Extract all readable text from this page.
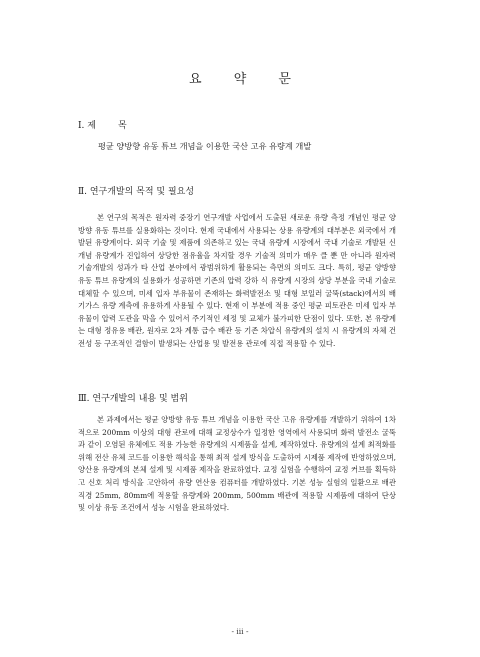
요 약 문
Ⅰ. 제 목
평균 양방향 유동 튜브 개념을 이용한 국산 고유 유량계 개발
Ⅱ. 연구개발의 목적 및 필요성

본 연구의 목적은 원자력 중장기 연구개발 사업에서 도출된 새로운 유량 측정 개념인 평균 양방향 유동 튜브를 실용화하는 것이다. 현재 국내에서 사용되는 상용 유량계의 대부분은 외국에서 개발된 유량계이다. 외국 기술 및 제품에 의존하고 있는 국내 유량계 시장에서 국내 기술로 개발된 신개념 유량계가 진입하여 상당한 점유율을 차지할 경우 기술적 의미가 매우 클 뿐 만 아니라 원자력 기술개발의 성과가 타 산업 분야에서 광범위하게 활용되는 측면의 의미도 크다. 특히, 평균 양방향 유동 튜브 유량계의 실용화가 성공하면 기존의 압력 강하 식 유량계 시장의 상당 부분을 국내 기술로 대체할 수 있으며, 미세 입자 부유물이 존재하는 화력발전소 및 대형 보일러 굴뚝(stack)에서의 배기가스 유량 계측에 유용하게 사용될 수 있다. 현재 이 부분에 적용 중인 평균 피토관은 미세 입자 부유물이 압력 도관을 막을 수 있어서 주기적인 세정 및 교체가 불가피한 단점이 있다. 또한, 본 유량계는 대형 정유용 배관, 원자로 2차 계통 급수 배관 등 기존 차압식 유량계의 설치 시 유량계의 자체 건전성 등 구조적인 결함이 발생되는 산업용 및 발전용 관로에 직접 적용할 수 있다.

Ⅲ. 연구개발의 내용 및 범위

본 과제에서는 평균 양방향 유동 튜브 개념을 이용한 국산 고유 유량계를 개발하기 위하여 1차적으로 200mm 이상의 대형 관로에 대해 교정상수가 일정한 영역에서 사용되며 화력 발전소 굴뚝과 같이 오염된 유체에도 적용 가능한 유량계의 시제품을 설계, 제작하였다. 유량계의 설계 최적화를 위해 전산 유체 코드를 이용한 해석을 통해 최적 설계 방식을 도출하여 시제품 제작에 반영하였으며, 양산용 유량계의 본체 설계 및 시제품 제작을 완료하였다. 교정 실험을 수행하여 교정 커브를 획득하고 신호 처리 방식을 고안하여 유량 연산용 컴퓨터를 개발하였다. 기본 성능 실험의 일환으로 배관 직경 25mm, 80mm에 적용할 유량계와 200mm, 500mm 배관에 적용할 시제품에 대하여 단상 및 이상 유동 조건에서 성능 시험을 완료하였다.

- iii -
